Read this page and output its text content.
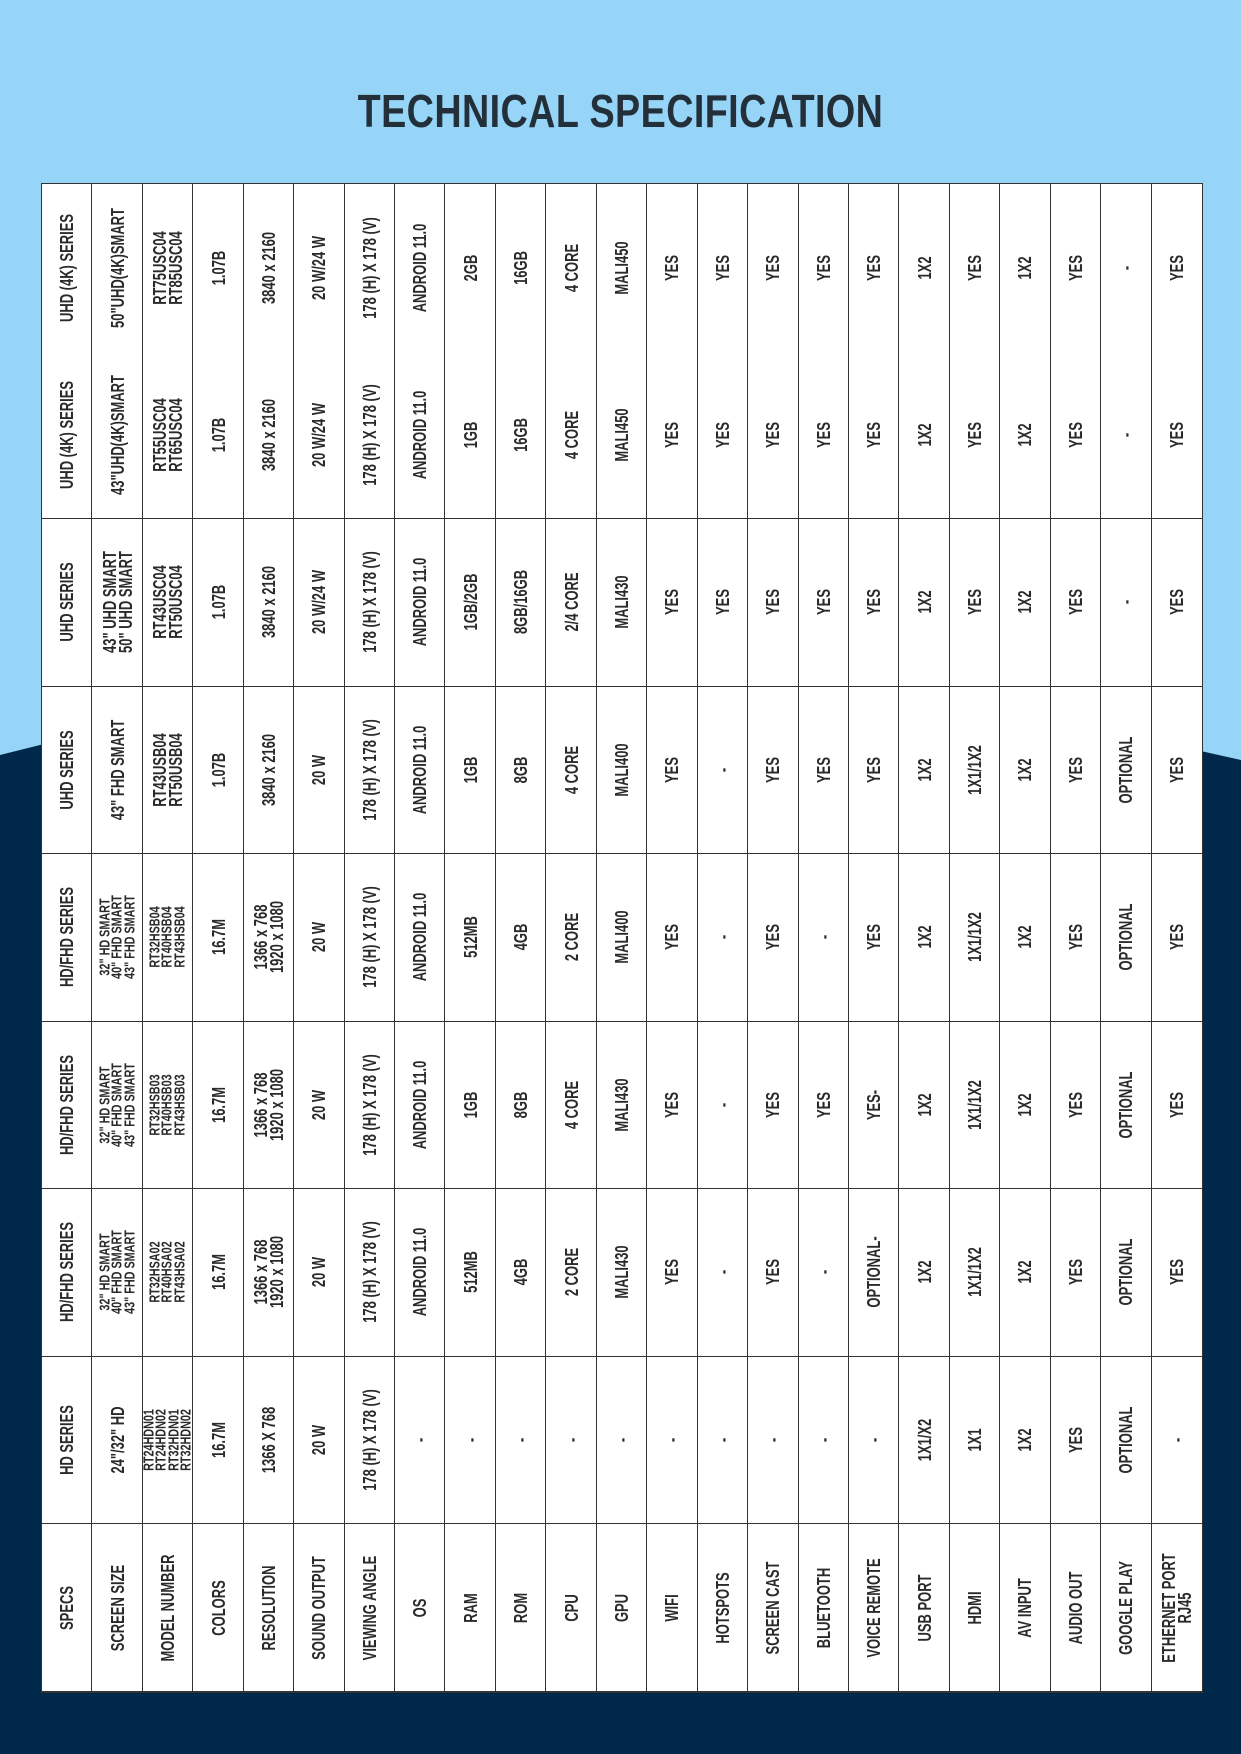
TECHNICAL SPECIFICATION
SPECS
HD SERIES
HD/FHD SERIES
HD/FHD SERIES
HD/FHD SERIES
UHD SERIES
UHD SERIES
UHD (4K) SERIES
UHD (4K) SERIES
SCREEN SIZE
24"/32" HD
32" HD SMART
40" FHD SMART
43" FHD SMART
32" HD SMART
40" FHD SMART
43" FHD SMART
32" HD SMART
40" FHD SMART
43" FHD SMART
43" FHD SMART
43" UHD SMART
50" UHD SMART
43"UHD(4K)SMART
50"UHD(4K)SMART
MODEL NUMBER
RT24HDN01
RT24HDN02
RT32HDN01
RT32HDN02
RT32HSA02
RT40HSA02
RT43HSA02
RT32HSB03
RT40HSB03
RT43HSB03
RT32HSB04
RT40HSB04
RT43HSB04
RT43USB04
RT50USB04
RT43USC04
RT50USC04
RT55USC04
RT65USC04
RT75USC04
RT85USC04
COLORS
16.7M
16.7M
16.7M
16.7M
1.07B
1.07B
1.07B
1.07B
RESOLUTION
1366 X 768
1366 x 768
1920 x 1080
1366 x 768
1920 x 1080
1366 x 768
1920 x 1080
3840 x 2160
3840 x 2160
3840 x 2160
3840 x 2160
SOUND OUTPUT
20 W
20 W
20 W
20 W
20 W
20 W/24 W
20 W/24 W
20 W/24 W
VIEWING ANGLE
178 (H) X 178 (V)
178 (H) X 178 (V)
178 (H) X 178 (V)
178 (H) X 178 (V)
178 (H) X 178 (V)
178 (H) X 178 (V)
178 (H) X 178 (V)
178 (H) X 178 (V)
OS
-
ANDROID 11.0
ANDROID 11.0
ANDROID 11.0
ANDROID 11.0
ANDROID 11.0
ANDROID 11.0
ANDROID 11.0
RAM
-
512MB
1GB
512MB
1GB
1GB/2GB
1GB
2GB
ROM
-
4GB
8GB
4GB
8GB
8GB/16GB
16GB
16GB
CPU
-
2 CORE
4 CORE
2 CORE
4 CORE
2/4 CORE
4 CORE
4 CORE
GPU
-
MALI430
MALI430
MALI400
MALI400
MALI430
MALI450
MALI450
WIFI
-
YES
YES
YES
YES
YES
YES
YES
HOTSPOTS
-
-
-
-
-
YES
YES
YES
SCREEN CAST
-
YES
YES
YES
YES
YES
YES
YES
BLUETOOTH
-
-
YES
-
YES
YES
YES
YES
VOICE REMOTE
-
OPTIONAL-
YES-
YES
YES
YES
YES
YES
USB PORT
1X1/X2
1X2
1X2
1X2
1X2
1X2
1X2
1X2
HDMI
1X1
1X1/1X2
1X1/1X2
1X1/1X2
1X1/1X2
YES
YES
YES
AV INPUT
1X2
1X2
1X2
1X2
1X2
1X2
1X2
1X2
AUDIO OUT
YES
YES
YES
YES
YES
YES
YES
YES
GOOGLE PLAY
OPTIONAL
OPTIONAL
OPTIONAL
OPTIONAL
OPTIONAL
-
-
-
ETHERNET PORT
RJ45
-
YES
YES
YES
YES
YES
YES
YES
